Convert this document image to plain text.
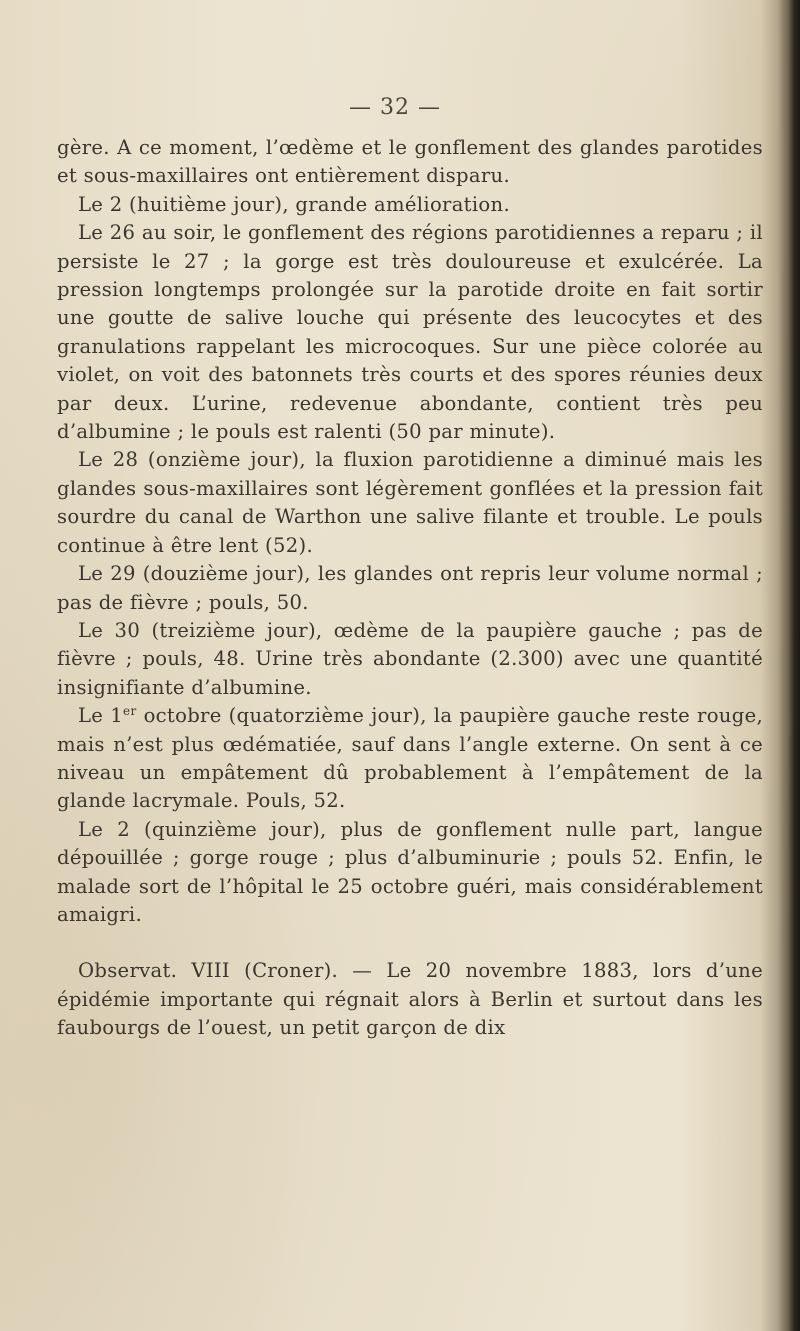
— 32 —

gère. A ce moment, l’œdème et le gonflement des glandes parotides et sous-maxillaires ont entièrement disparu.

Le 2 (huitième jour), grande amélioration.

Le 26 au soir, le gonflement des régions parotidiennes a reparu ; il persiste le 27 ; la gorge est très douloureuse et exulcérée. La pression longtemps prolongée sur la parotide droite en fait sortir une goutte de salive louche qui présente des leucocytes et des granulations rappelant les microcoques. Sur une pièce colorée au violet, on voit des batonnets très courts et des spores réunies deux par deux. L’urine, redevenue abondante, contient très peu d’albumine ; le pouls est ralenti (50 par minute).

Le 28 (onzième jour), la fluxion parotidienne a diminué mais les glandes sous-maxillaires sont légèrement gonflées et la pression fait sourdre du canal de Warthon une salive filante et trouble. Le pouls continue à être lent (52).

Le 29 (douzième jour), les glandes ont repris leur volume normal ; pas de fièvre ; pouls, 50.

Le 30 (treizième jour), œdème de la paupière gauche ; pas de fièvre ; pouls, 48. Urine très abondante (2.300) avec une quantité insignifiante d’albumine.

Le 1er octobre (quatorzième jour), la paupière gauche reste rouge, mais n’est plus œdématiée, sauf dans l’angle externe. On sent à ce niveau un empâtement dû probablement à l’empâtement de la glande lacrymale. Pouls, 52.

Le 2 (quinzième jour), plus de gonflement nulle part, langue dépouillée ; gorge rouge ; plus d’albuminurie ; pouls 52. Enfin, le malade sort de l’hôpital le 25 octobre guéri, mais considérablement amaigri.

Observat. VIII (Croner). — Le 20 novembre 1883, lors d’une épidémie importante qui régnait alors à Berlin et surtout dans les faubourgs de l’ouest, un petit garçon de dix
